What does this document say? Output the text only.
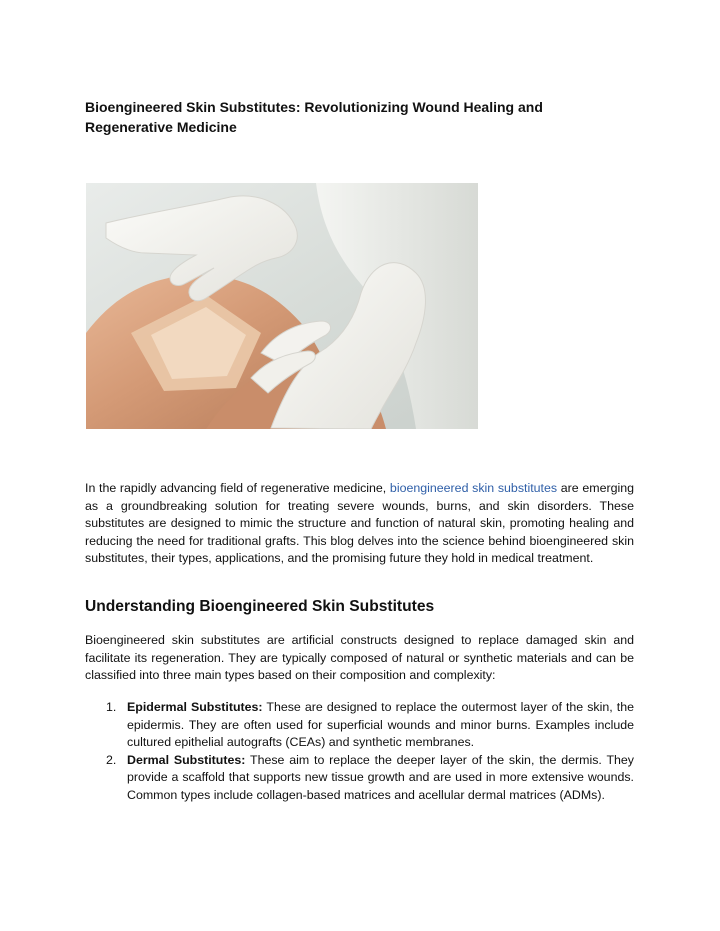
Bioengineered Skin Substitutes: Revolutionizing Wound Healing and Regenerative Medicine
In the rapidly advancing field of regenerative medicine, bioengineered skin substitutes are emerging as a groundbreaking solution for treating severe wounds, burns, and skin disorders. These substitutes are designed to mimic the structure and function of natural skin, promoting healing and reducing the need for traditional grafts. This blog delves into the science behind bioengineered skin substitutes, their types, applications, and the promising future they hold in medical treatment.
Understanding Bioengineered Skin Substitutes
Bioengineered skin substitutes are artificial constructs designed to replace damaged skin and facilitate its regeneration. They are typically composed of natural or synthetic materials and can be classified into three main types based on their composition and complexity:
1. Epidermal Substitutes: These are designed to replace the outermost layer of the skin, the epidermis. They are often used for superficial wounds and minor burns. Examples include cultured epithelial autografts (CEAs) and synthetic membranes.
2. Dermal Substitutes: These aim to replace the deeper layer of the skin, the dermis. They provide a scaffold that supports new tissue growth and are used in more extensive wounds. Common types include collagen-based matrices and acellular dermal matrices (ADMs).
